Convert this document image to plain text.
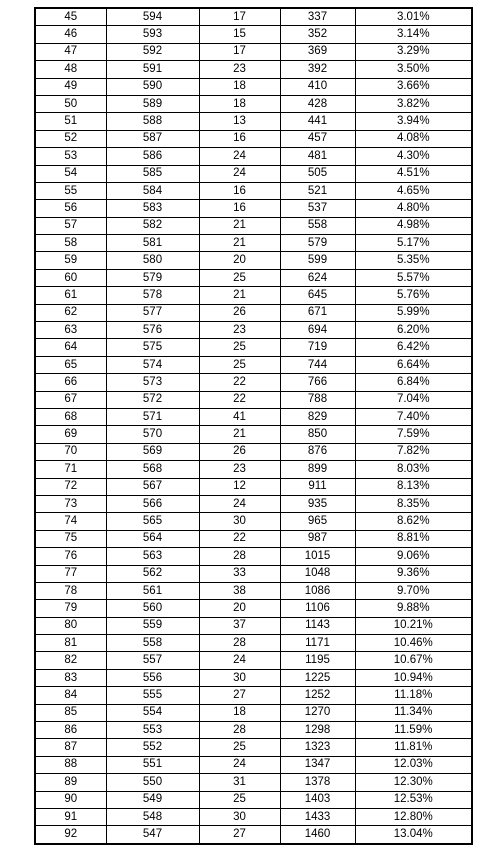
45	594	17	337	3.01%
46	593	15	352	3.14%
47	592	17	369	3.29%
48	591	23	392	3.50%
49	590	18	410	3.66%
50	589	18	428	3.82%
51	588	13	441	3.94%
52	587	16	457	4.08%
53	586	24	481	4.30%
54	585	24	505	4.51%
55	584	16	521	4.65%
56	583	16	537	4.80%
57	582	21	558	4.98%
58	581	21	579	5.17%
59	580	20	599	5.35%
60	579	25	624	5.57%
61	578	21	645	5.76%
62	577	26	671	5.99%
63	576	23	694	6.20%
64	575	25	719	6.42%
65	574	25	744	6.64%
66	573	22	766	6.84%
67	572	22	788	7.04%
68	571	41	829	7.40%
69	570	21	850	7.59%
70	569	26	876	7.82%
71	568	23	899	8.03%
72	567	12	911	8.13%
73	566	24	935	8.35%
74	565	30	965	8.62%
75	564	22	987	8.81%
76	563	28	1015	9.06%
77	562	33	1048	9.36%
78	561	38	1086	9.70%
79	560	20	1106	9.88%
80	559	37	1143	10.21%
81	558	28	1171	10.46%
82	557	24	1195	10.67%
83	556	30	1225	10.94%
84	555	27	1252	11.18%
85	554	18	1270	11.34%
86	553	28	1298	11.59%
87	552	25	1323	11.81%
88	551	24	1347	12.03%
89	550	31	1378	12.30%
90	549	25	1403	12.53%
91	548	30	1433	12.80%
92	547	27	1460	13.04%
